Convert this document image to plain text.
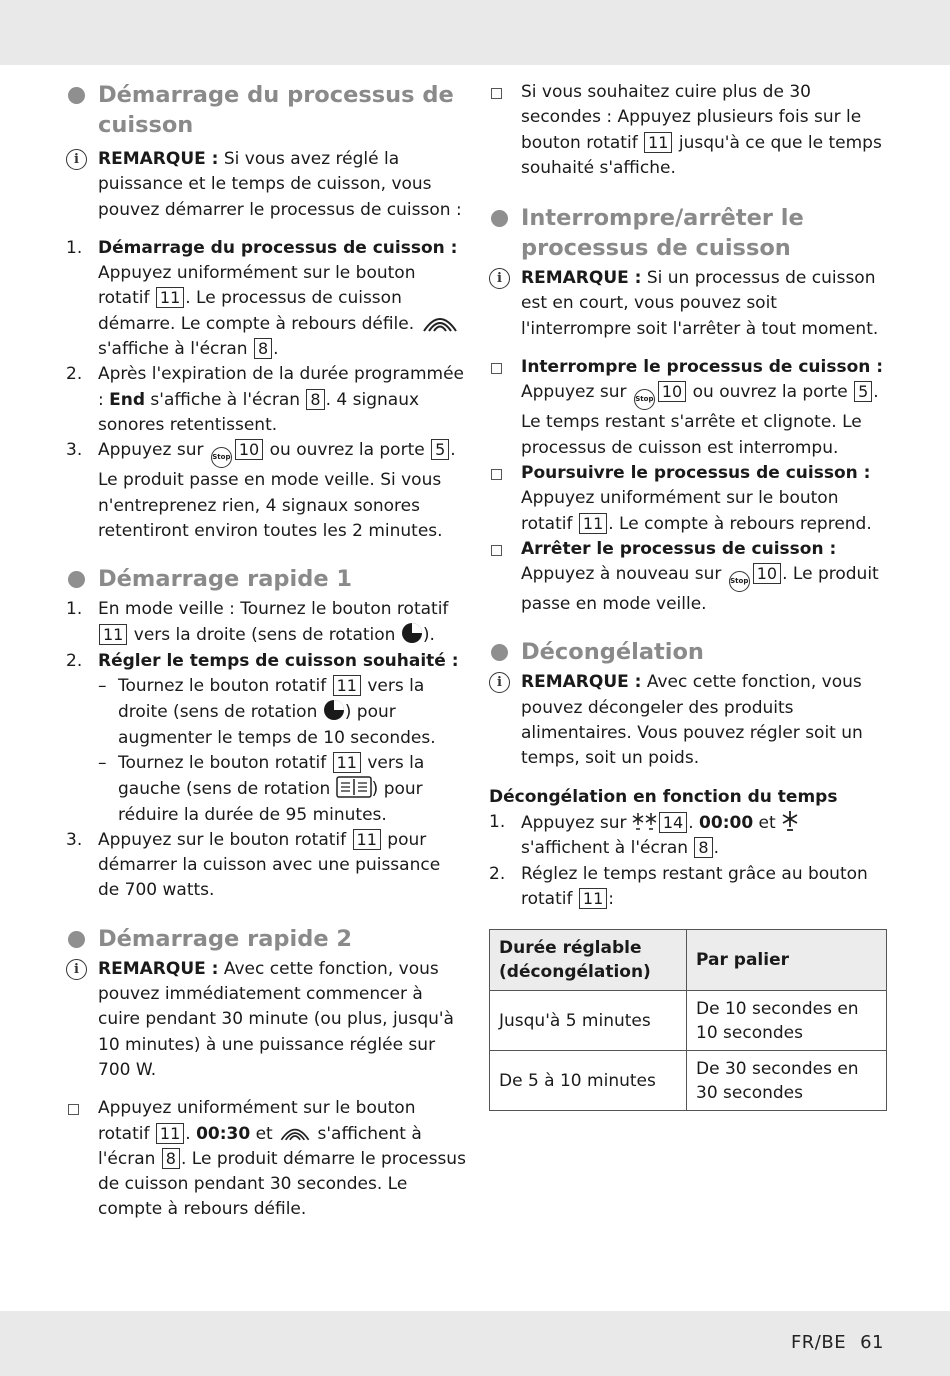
Démarrage du processus de cuisson
i	REMARQUE : Si vous avez réglé la puissance et le temps de cuisson, vous pouvez démarrer le processus de cuisson :
1. Démarrage du processus de cuisson : Appuyez uniformément sur le bouton rotatif 11 . Le processus de cuisson démarre. Le compte à rebours défile.  s'affiche à l'écran 8 .
2. Après l'expiration de la durée programmée : End s'affiche à l'écran 8 . 4 signaux sonores retentissent.
3. Appuyez sur Stop 10 ou ouvrez la porte 5 . Le produit passe en mode veille. Si vous n'entreprenez rien, 4 signaux sonores retentiront environ toutes les 2 minutes.
Démarrage rapide 1
1. En mode veille : Tournez le bouton rotatif 11 vers la droite (sens de rotation ).
2. Régler le temps de cuisson souhaité :
– Tournez le bouton rotatif 11 vers la droite (sens de rotation ) pour augmenter le temps de 10 secondes.
– Tournez le bouton rotatif 11 vers la gauche (sens de rotation ) pour réduire la durée de 95 minutes.
3. Appuyez sur le bouton rotatif 11 pour démarrer la cuisson avec une puissance de 700 watts.
Démarrage rapide 2
i	REMARQUE : Avec cette fonction, vous pouvez immédiatement commencer à cuire pendant 30 minute (ou plus, jusqu'à 10 minutes) à une puissance réglée sur 700 W.
Appuyez uniformément sur le bouton rotatif 11 . 00:30 et  s'affichent à l'écran 8 . Le produit démarre le processus de cuisson pendant 30 secondes. Le compte à rebours défile.
Si vous souhaitez cuire plus de 30 secondes : Appuyez plusieurs fois sur le bouton rotatif 11 jusqu'à ce que le temps souhaité s'affiche.
Interrompre/arrêter le processus de cuisson
i	REMARQUE : Si un processus de cuisson est en court, vous pouvez soit l'interrompre soit l'arrêter à tout moment.
Interrompre le processus de cuisson : Appuyez sur Stop 10 ou ouvrez la porte 5 . Le temps restant s'arrête et clignote. Le processus de cuisson est interrompu.
Poursuivre le processus de cuisson : Appuyez uniformément sur le bouton rotatif 11 . Le compte à rebours reprend.
Arrêter le processus de cuisson : Appuyez à nouveau sur Stop 10 . Le produit passe en mode veille.
Décongélation
i	REMARQUE : Avec cette fonction, vous pouvez décongeler des produits alimentaires. Vous pouvez régler soit un temps, soit un poids.

Décongélation en fonction du temps

1. Appuyez sur 14 . 00:00 et  s'affichent à l'écran 8 .
2. Réglez le temps restant grâce au bouton rotatif 11 :
Durée réglable (décongélation)	Par palier
Jusqu'à 5 minutes	De 10 secondes en 10 secondes
De 5 à 10 minutes	De 30 secondes en 30 secondes
FR/BE 61
